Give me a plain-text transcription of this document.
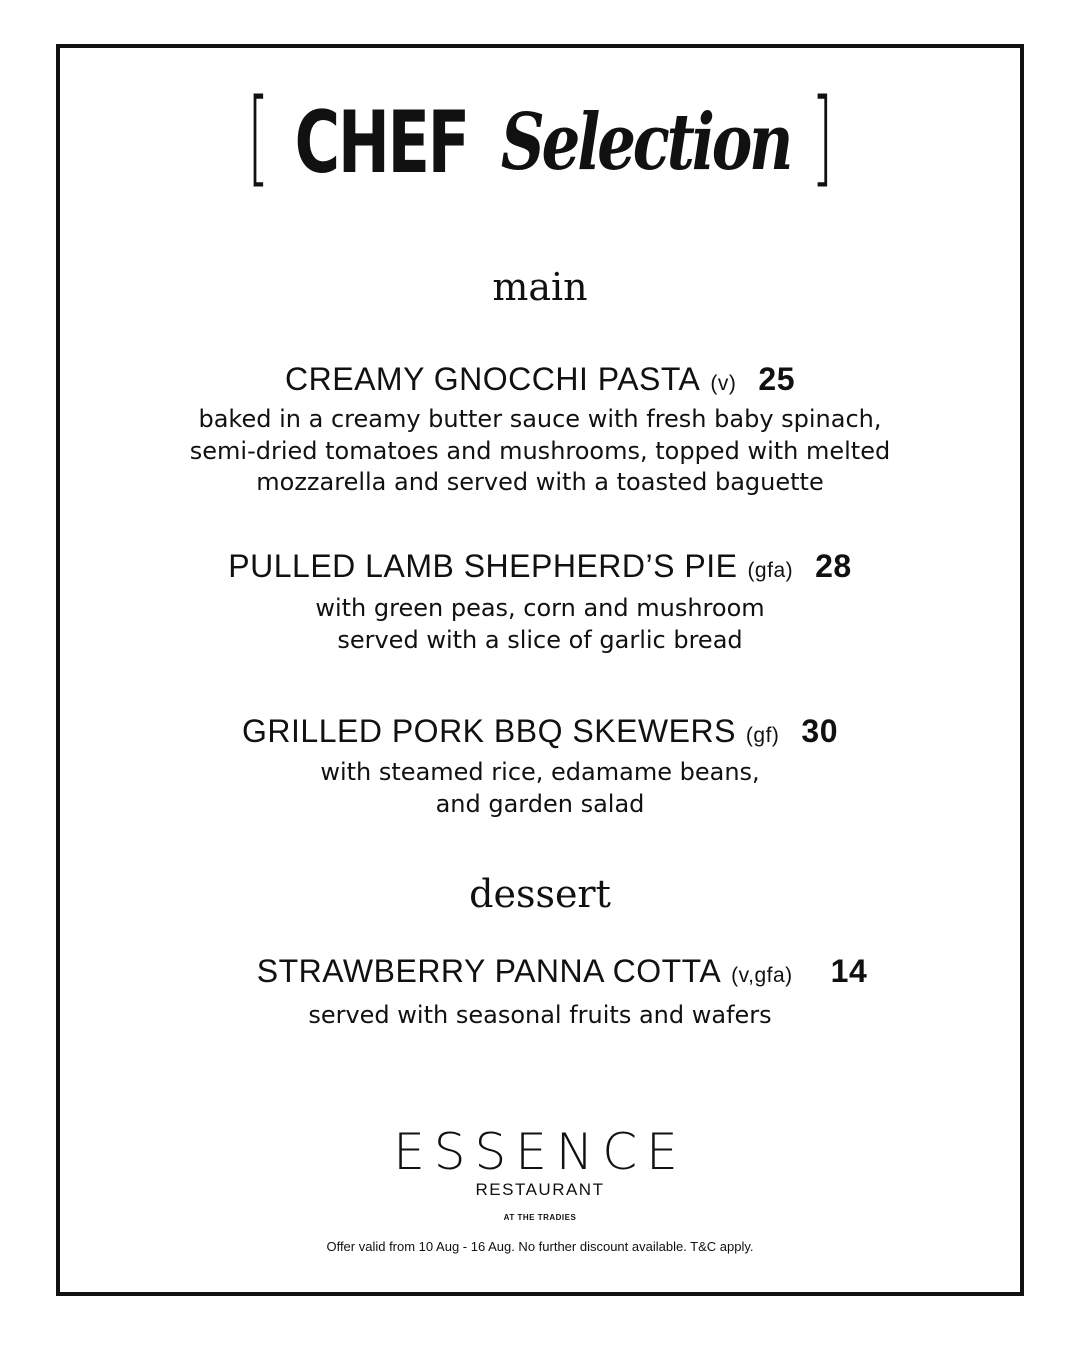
[ CHEF Selection ]
main
CREAMY GNOCCHI PASTA (v) 25
baked in a creamy butter sauce with fresh baby spinach,
semi-dried tomatoes and mushrooms, topped with melted
mozzarella and served with a toasted baguette
PULLED LAMB SHEPHERD’S PIE (gfa) 28
with green peas, corn and mushroom
served with a slice of garlic bread
GRILLED PORK BBQ SKEWERS (gf) 30
with steamed rice, edamame beans,
and garden salad
dessert
STRAWBERRY PANNA COTTA (v,gfa) 14
served with seasonal fruits and wafers
ESSENCE
RESTAURANT
AT THE TRADIES
Offer valid from 10 Aug - 16 Aug. No further discount available. T&C apply.
